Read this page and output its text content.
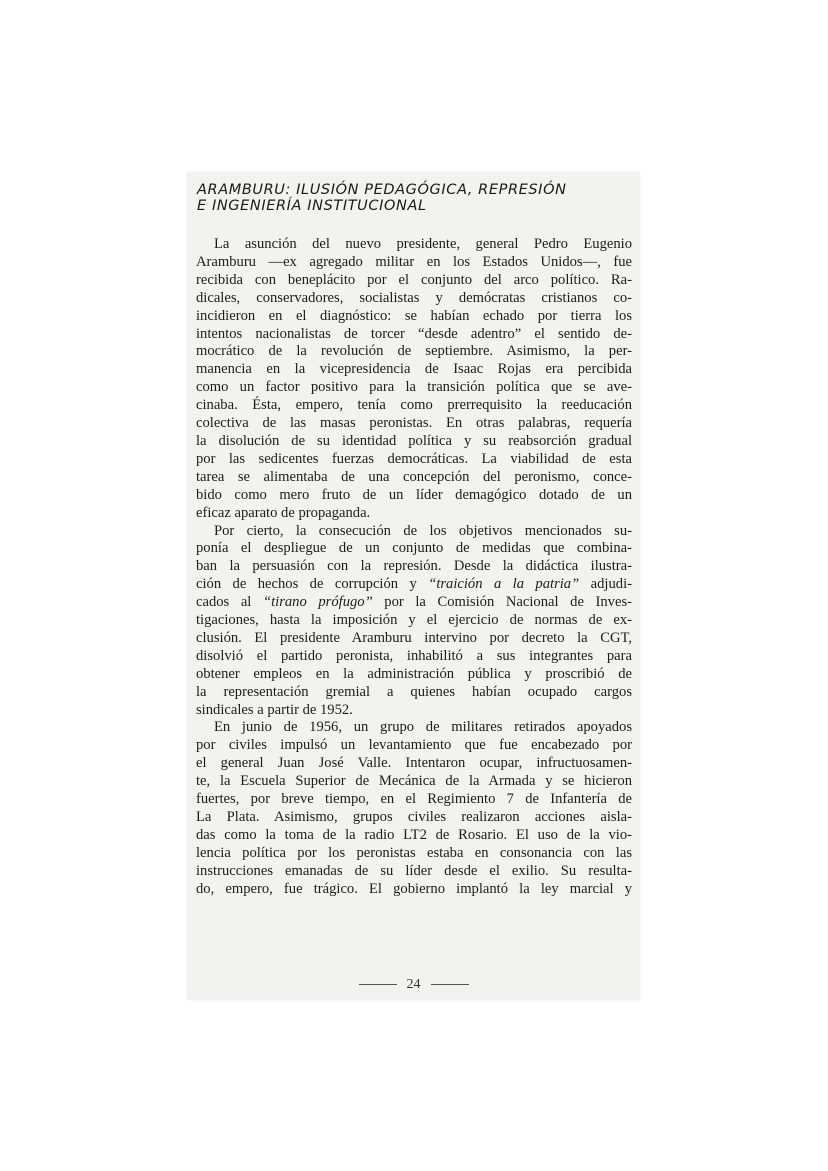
ARAMBURU: ILUSIÓN PEDAGÓGICA, REPRESIÓN
E INGENIERÍA INSTITUCIONAL

La asunción del nuevo presidente, general Pedro Eugenio
Aramburu —ex agregado militar en los Estados Unidos—, fue
recibida con beneplácito por el conjunto del arco político. Ra-
dicales, conservadores, socialistas y demócratas cristianos co-
incidieron en el diagnóstico: se habían echado por tierra los
intentos nacionalistas de torcer “desde adentro” el sentido de-
mocrático de la revolución de septiembre. Asimismo, la per-
manencia en la vicepresidencia de Isaac Rojas era percibida
como un factor positivo para la transición política que se ave-
cinaba. Ésta, empero, tenía como prerrequisito la reeducación
colectiva de las masas peronistas. En otras palabras, requería
la disolución de su identidad política y su reabsorción gradual
por las sedicentes fuerzas democráticas. La viabilidad de esta
tarea se alimentaba de una concepción del peronismo, conce-
bido como mero fruto de un líder demagógico dotado de un
eficaz aparato de propaganda.

Por cierto, la consecución de los objetivos mencionados su-
ponía el despliegue de un conjunto de medidas que combina-
ban la persuasión con la represión. Desde la didáctica ilustra-
ción de hechos de corrupción y “traición a la patria” adjudi-
cados al “tirano prófugo” por la Comisión Nacional de Inves-
tigaciones, hasta la imposición y el ejercicio de normas de ex-
clusión. El presidente Aramburu intervino por decreto la CGT,
disolvió el partido peronista, inhabilitó a sus integrantes para
obtener empleos en la administración pública y proscribió de
la representación gremial a quienes habían ocupado cargos
sindicales a partir de 1952.

En junio de 1956, un grupo de militares retirados apoyados
por civiles impulsó un levantamiento que fue encabezado por
el general Juan José Valle. Intentaron ocupar, infructuosamen-
te, la Escuela Superior de Mecánica de la Armada y se hicieron
fuertes, por breve tiempo, en el Regimiento 7 de Infantería de
La Plata. Asimismo, grupos civiles realizaron acciones aisla-
das como la toma de la radio LT2 de Rosario. El uso de la vio-
lencia política por los peronistas estaba en consonancia con las
instrucciones emanadas de su líder desde el exilio. Su resulta-
do, empero, fue trágico. El gobierno implantó la ley marcial y

24
